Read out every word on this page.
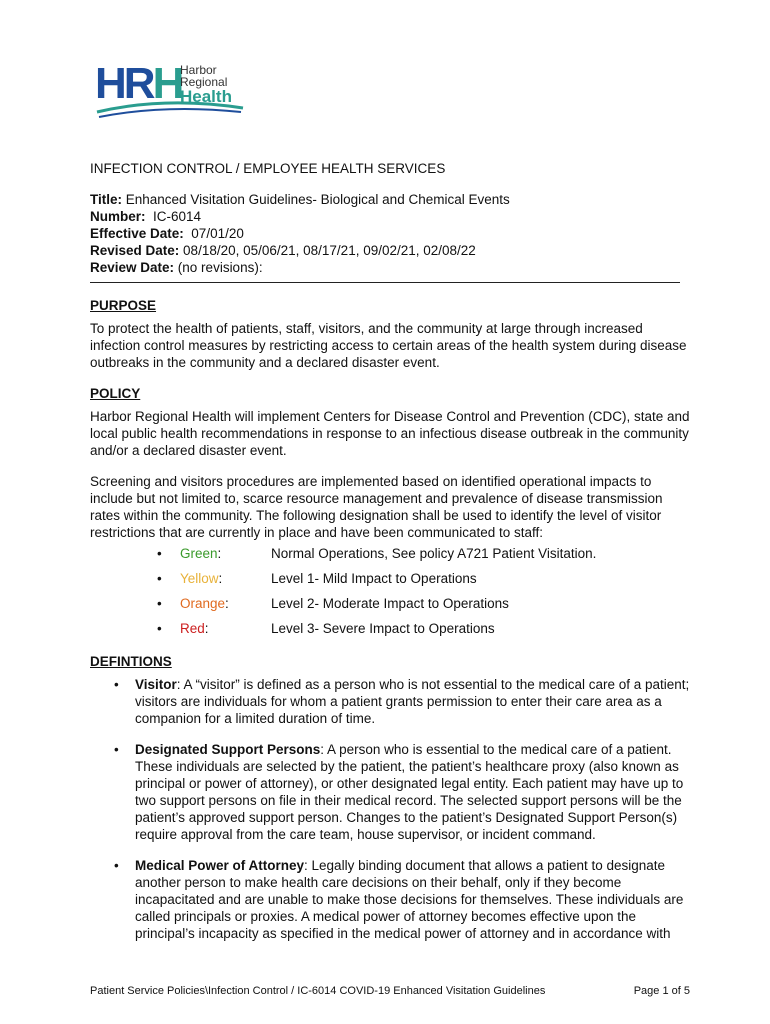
HRH
Harbor
Regional
Health

INFECTION CONTROL / EMPLOYEE HEALTH SERVICES

Title: Enhanced Visitation Guidelines- Biological and Chemical Events

Number:  IC-6014

Effective Date:  07/01/20

Revised Date: 08/18/20, 05/06/21, 08/17/21, 09/02/21, 02/08/22

Review Date: (no revisions):

PURPOSE

To protect the health of patients, staff, visitors, and the community at large through increased infection control measures by restricting access to certain areas of the health system during disease outbreaks in the community and a declared disaster event.

POLICY

Harbor Regional Health will implement Centers for Disease Control and Prevention (CDC), state and local public health recommendations in response to an infectious disease outbreak in the community and/or a declared disaster event.

Screening and visitors procedures are implemented based on identified operational impacts to include but not limited to, scarce resource management and prevalence of disease transmission rates within the community. The following designation shall be used to identify the level of visitor restrictions that are currently in place and have been communicated to staff:

• Green:	Normal Operations, See policy A721 Patient Visitation.
• Yellow:	Level 1- Mild Impact to Operations
• Orange:	Level 2- Moderate Impact to Operations
• Red:	Level 3- Severe Impact to Operations
DEFINTIONS
• Visitor: A “visitor” is defined as a person who is not essential to the medical care of a patient; visitors are individuals for whom a patient grants permission to enter their care area as a companion for a limited duration of time.
• Designated Support Persons: A person who is essential to the medical care of a patient. These individuals are selected by the patient, the patient’s healthcare proxy (also known as principal or power of attorney), or other designated legal entity. Each patient may have up to two support persons on file in their medical record. The selected support persons will be the patient’s approved support person. Changes to the patient’s Designated Support Person(s) require approval from the care team, house supervisor, or incident command.
• Medical Power of Attorney: Legally binding document that allows a patient to designate another person to make health care decisions on their behalf, only if they become incapacitated and are unable to make those decisions for themselves. These individuals are called principals or proxies. A medical power of attorney becomes effective upon the principal’s incapacity as specified in the medical power of attorney and in accordance with
Patient Service Policies\Infection Control / IC-6014 COVID-19 Enhanced Visitation Guidelines	Page 1 of 5
